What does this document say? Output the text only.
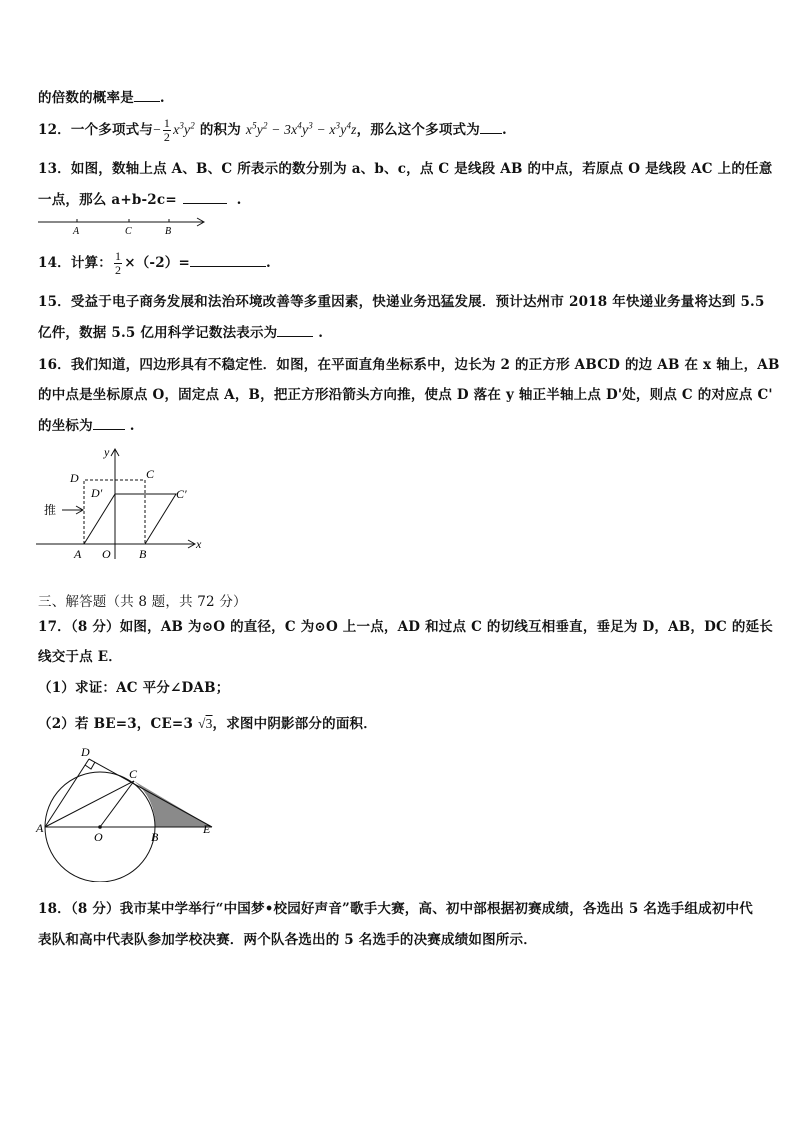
的倍数的概率是 .
12．一个多项式与− $\frac{1}{2} x^3y^2$ 的积为 $x^5y^2 - 3x^4y^3 - x^3y^4z$，那么这个多项式为 .
13．如图，数轴上点 A、B、C 所表示的数分别为 a、b、c，点 C 是线段 AB 的中点，若原点 O 是线段 AC 上的任意
一点，那么 a+b-2c=	.
A	C	B
14．计算： $\frac{1}{2} \times(-2)=$	.
15．受益于电子商务发展和法治环境改善等多重因素，快递业务迅猛发展．预计达州市 2018 年快递业务量将达到 5.5
亿件，数据 5.5 亿用科学记数法表示为	.
16．我们知道，四边形具有不稳定性．如图，在平面直角坐标系中，边长为 2 的正方形 ABCD 的边 AB 在 x 轴上，AB
的中点是坐标原点 O，固定点 A，B，把正方形沿箭头方向推，使点 D 落在 y 轴正半轴上点 D'处，则点 C 的对应点 C'
的坐标为	.
y
x
D	C
D′	C′
推
A O B
三、解答题（共 8 题，共 72 分）
17．（8 分）如图，AB 为⊙O 的直径，C 为⊙O 上一点，AD 和过点 C 的切线互相垂直，垂足为 D，AB，DC 的延长
线交于点 E．
（1）求证：AC 平分∠DAB；
（2）若 BE=3，CE=3 √3，求图中阴影部分的面积．
D
C
A
O	B
E
18．（8 分）我市某中学举行“中国梦•校园好声音”歌手大赛，高、初中部根据初赛成绩，各选出 5 名选手组成初中代
表队和高中代表队参加学校决赛．两个队各选出的 5 名选手的决赛成绩如图所示．
